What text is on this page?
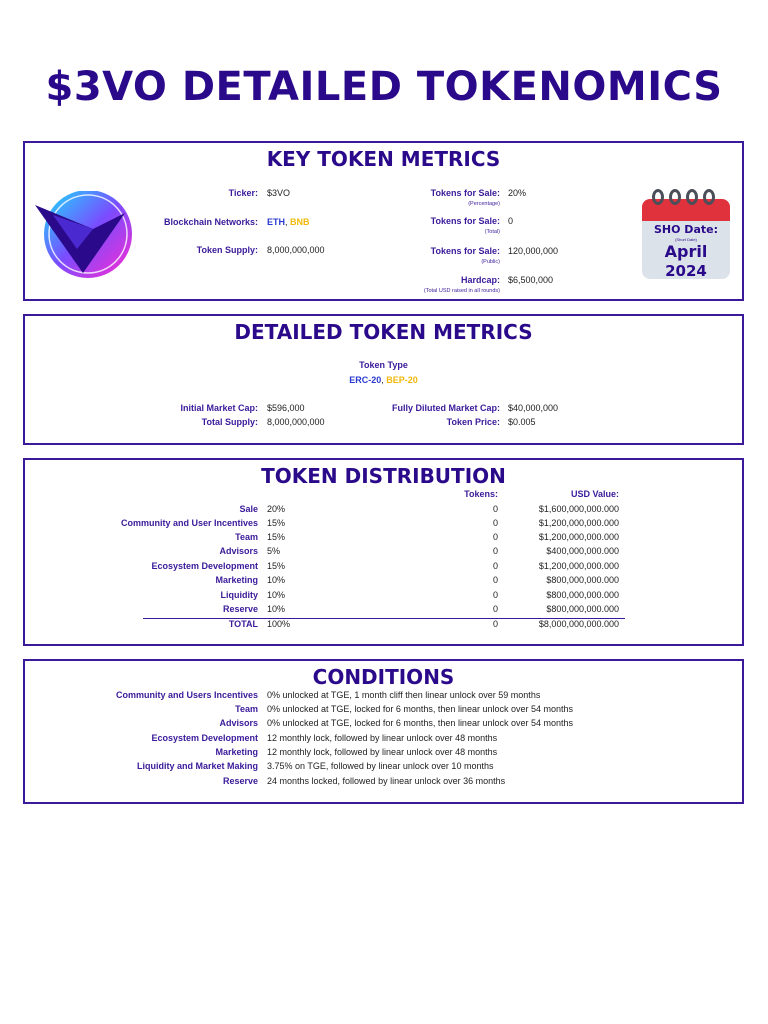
$3VO DETAILED TOKENOMICS
KEY TOKEN METRICS
Ticker: $3VO
Blockchain Networks: ETH, BNB
Token Supply: 8,000,000,000
Tokens for Sale:
(Percentage)
20%
Tokens for Sale:
(Total)
0
Tokens for Sale:
(Public)
120,000,000
Hardcap:
(Total USD raised in all rounds)
$6,500,000
SHO Date:
(Short Date)
April
2024
DETAILED TOKEN METRICS
Token Type
ERC-20, BEP-20
Initial Market Cap: $596,000
Total Supply: 8,000,000,000
Fully Diluted Market Cap: $40,000,000
Token Price: $0.005
TOKEN DISTRIBUTION
Tokens:	USD Value:
Sale 20%	0	$1,600,000,000.000
Community and User Incentives 15%	0	$1,200,000,000.000
Team 15%	0	$1,200,000,000.000
Advisors 5%	0	$400,000,000.000
Ecosystem Development 15%	0	$1,200,000,000.000
Marketing 10%	0	$800,000,000.000
Liquidity 10%	0	$800,000,000.000
Reserve 10%	0	$800,000,000.000
TOTAL 100%	0	$8,000,000,000.000
CONDITIONS
Community and Users Incentives 0% unlocked at TGE, 1 month cliff then linear unlock over 59 months
Team 0% unlocked at TGE, locked for 6 months, then linear unlock over 54 months
Advisors 0% unlocked at TGE, locked for 6 months, then linear unlock over 54 months
Ecosystem Development 12 monthly lock, followed by linear unlock over 48 months
Marketing 12 monthly lock, followed by linear unlock over 48 months
Liquidity and Market Making 3.75% on TGE, followed by linear unlock over 10 months
Reserve 24 months locked, followed by linear unlock over 36 months
